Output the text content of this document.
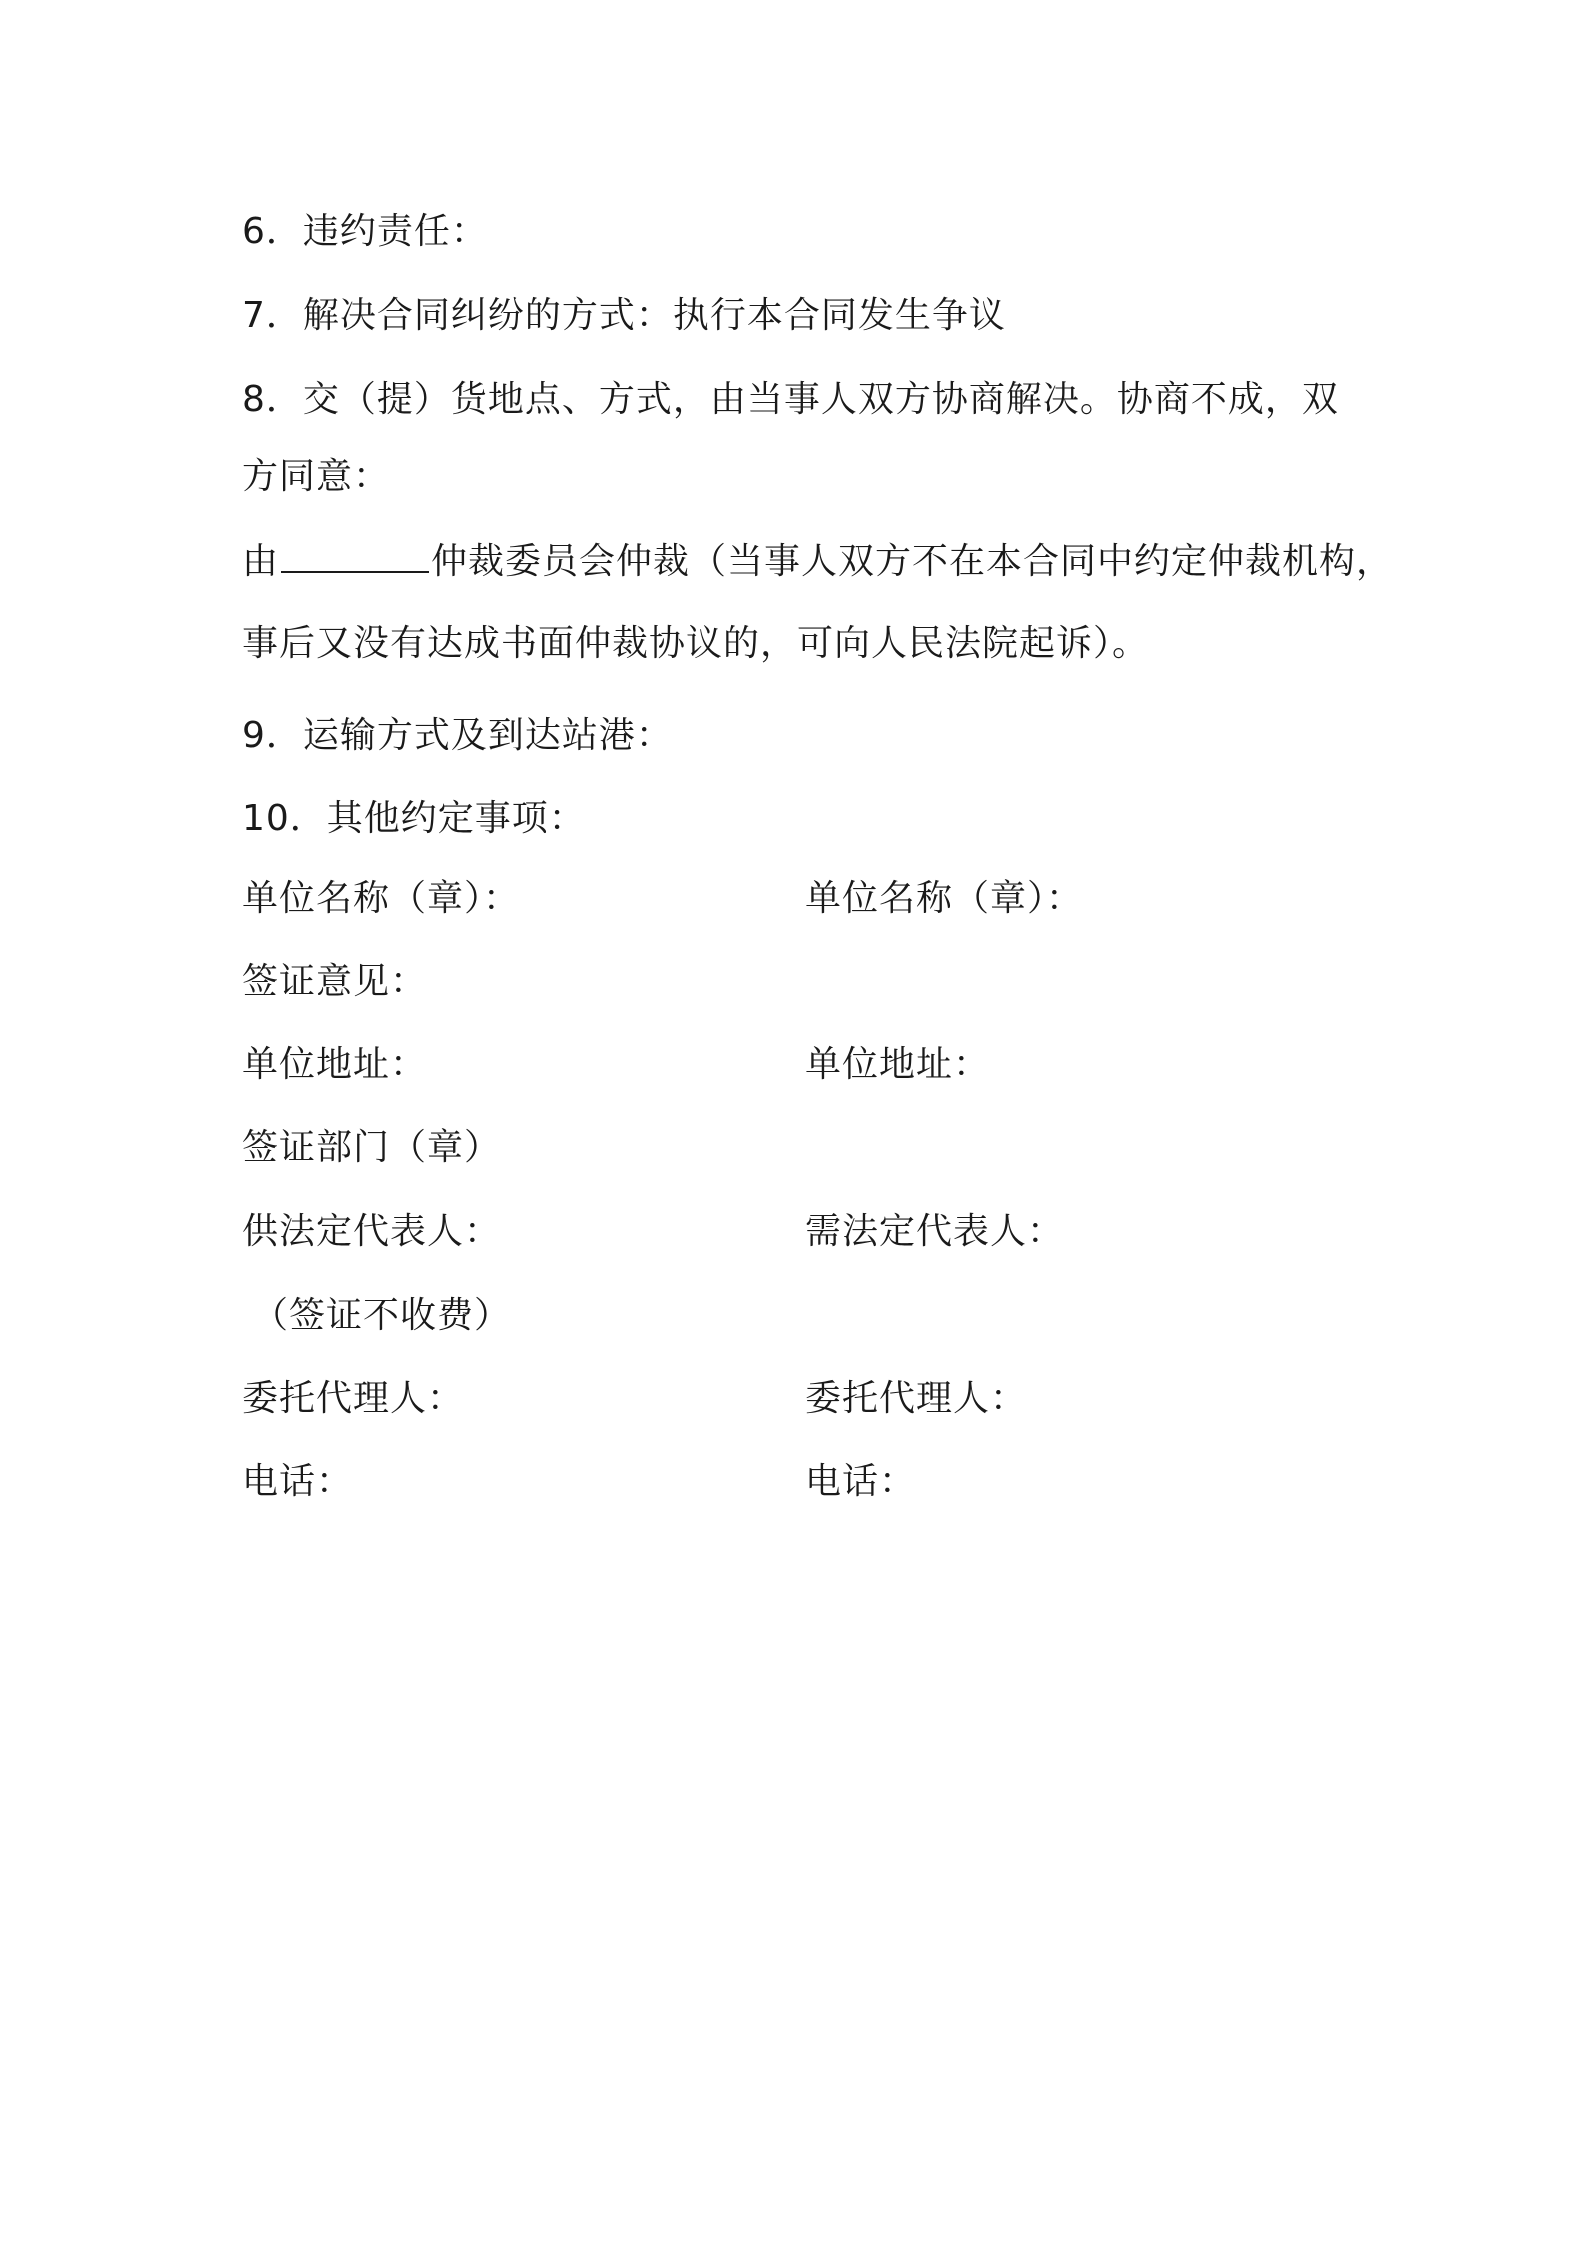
6．违约责任：
7．解决合同纠纷的方式：执行本合同发生争议
8．交（提）货地点、方式，由当事人双方协商解决。协商不成，双
方同意：
由	仲裁委员会仲裁（当事人双方不在本合同中约定仲裁机构，
事后又没有达成书面仲裁协议的，可向人民法院起诉）。
9．运输方式及到达站港：
10．其他约定事项：
单位名称（章）：	单位名称（章）：
签证意见：
单位地址：	单位地址：
签证部门（章）
供法定代表人：	需法定代表人：
（签证不收费）
委托代理人：	委托代理人：
电话：	电话：
